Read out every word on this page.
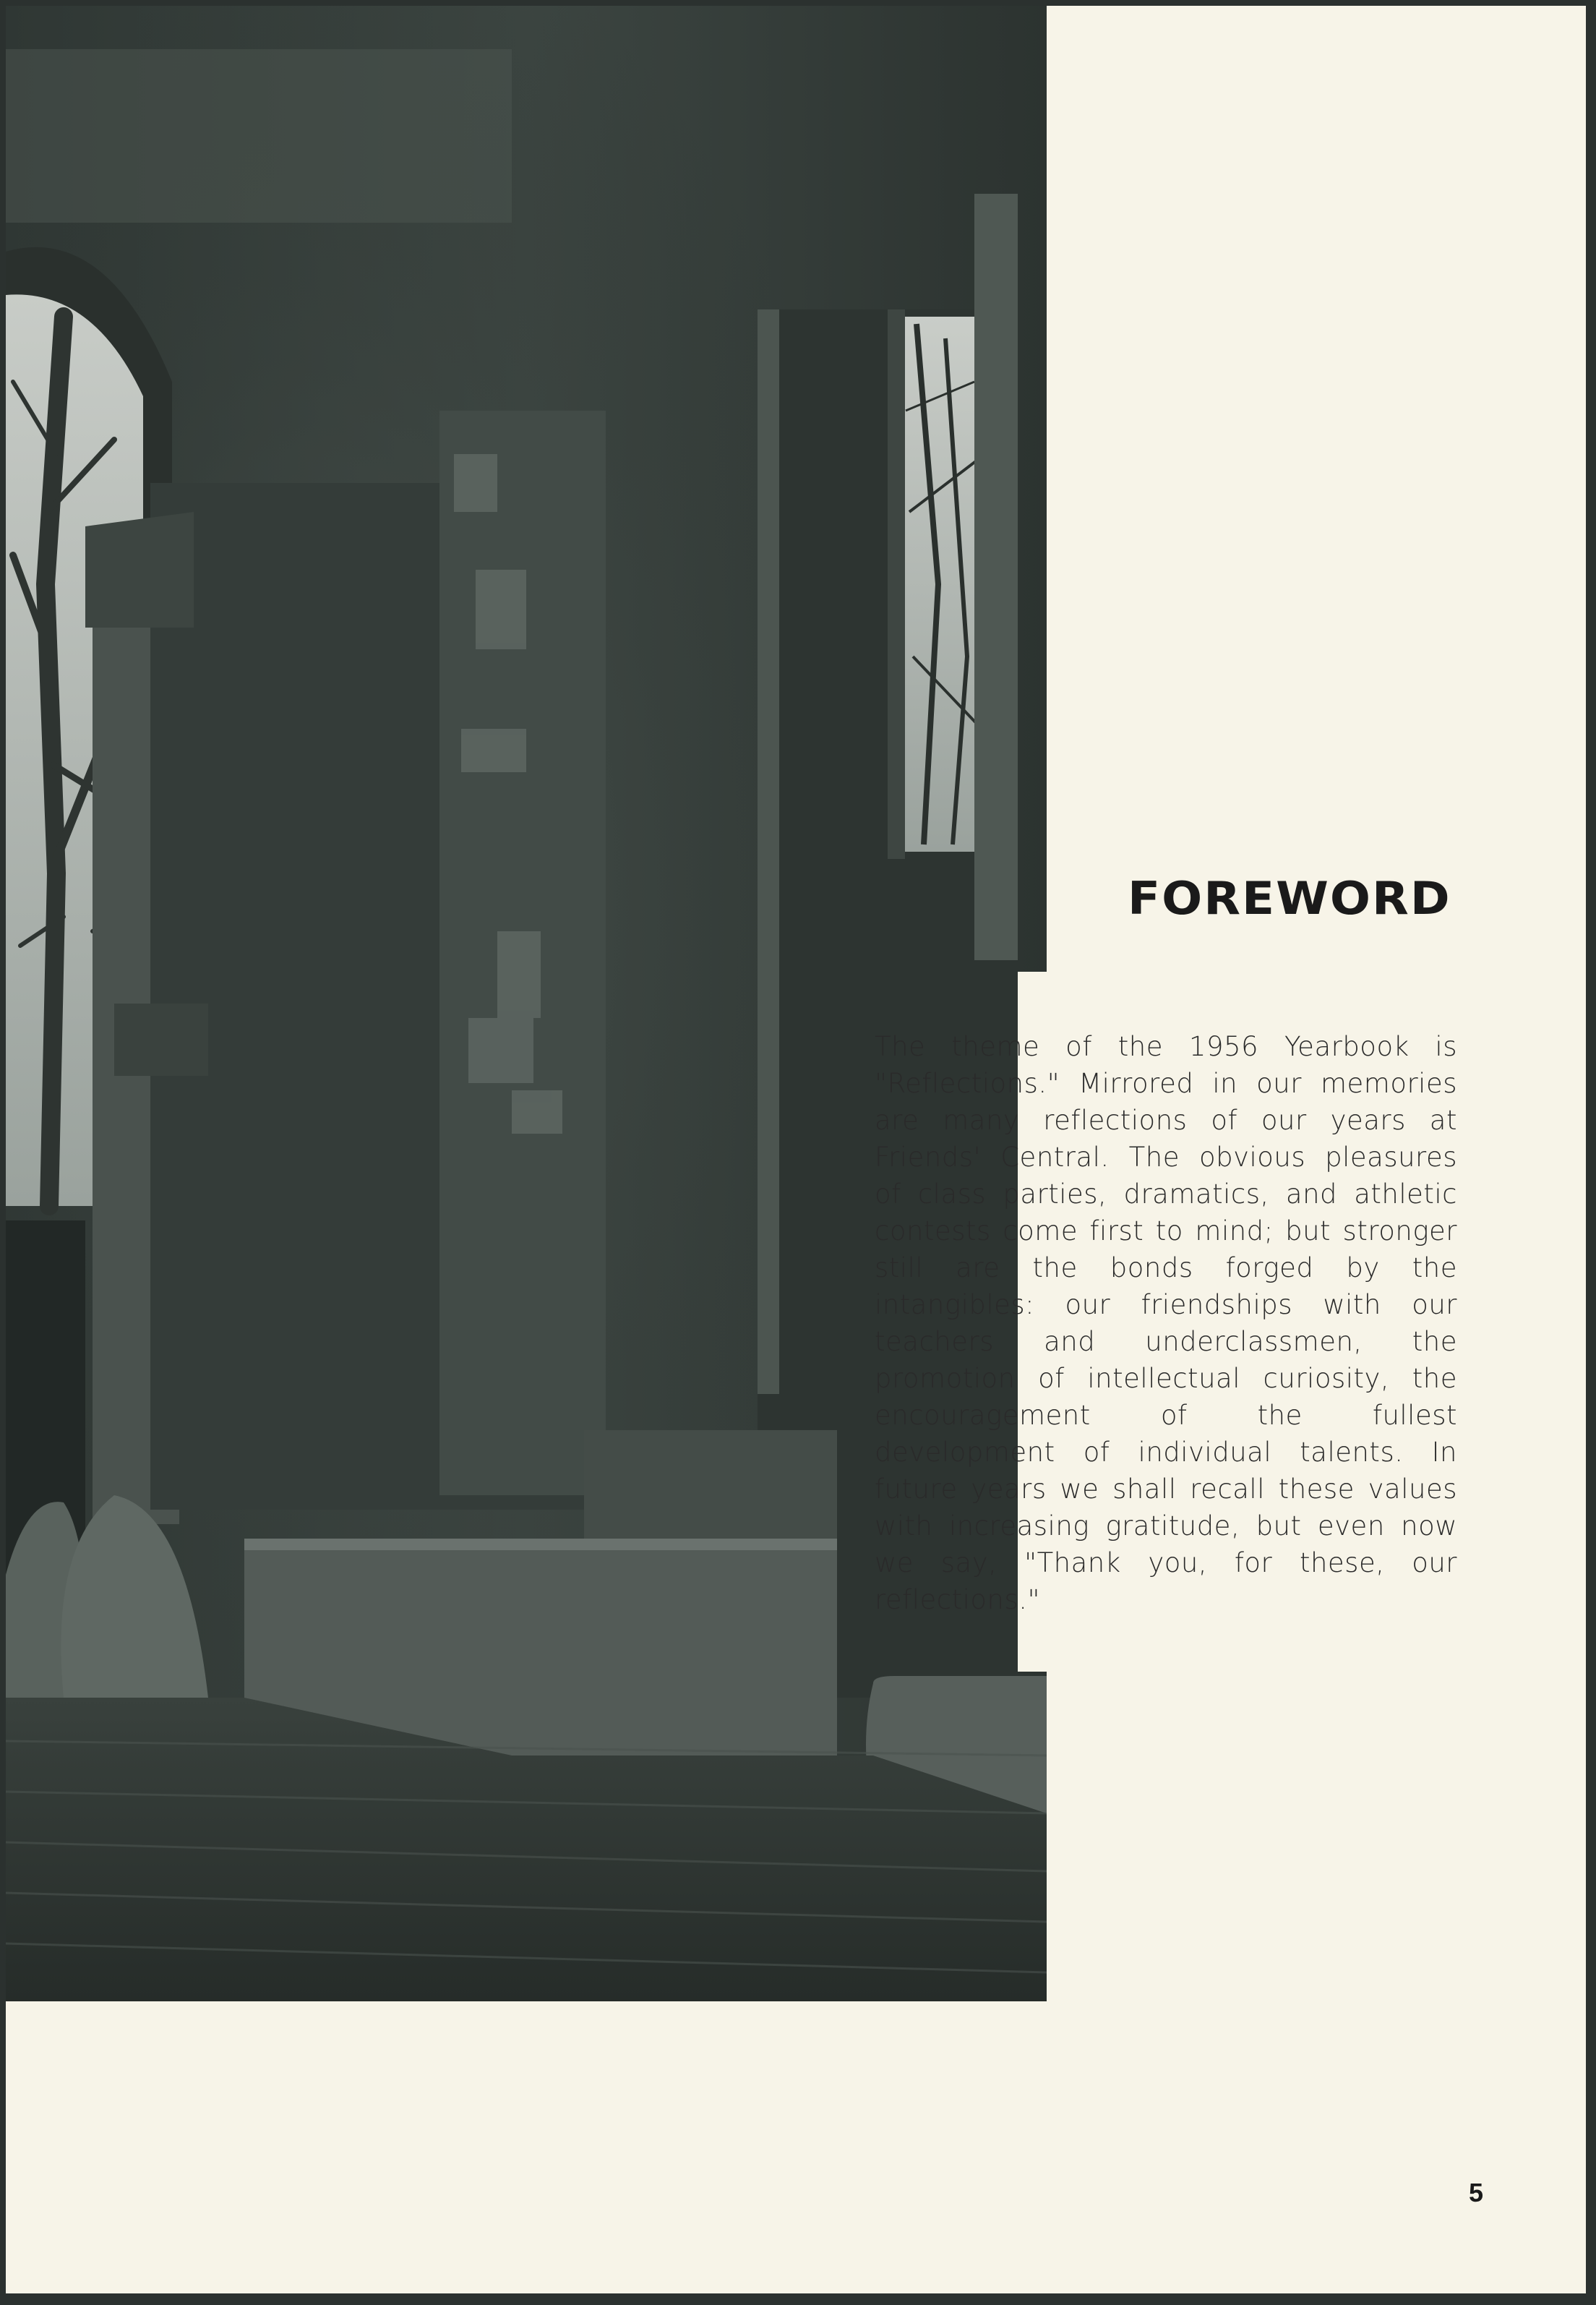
FOREWORD

The theme of the 1956 Yearbook is "Reflections." Mirrored in our memories are many reflections of our years at Friends' Central. The obvious pleasures of class parties, dramatics, and athletic contests come first to mind; but stronger still are the bonds forged by the intangibles: our friendships with our teachers and underclassmen, the promotion of intellectual curiosity, the encouragement of the fullest development of individual talents. In future years we shall recall these values with increasing gratitude, but even now we say, "Thank you, for these, our reflections."

5
